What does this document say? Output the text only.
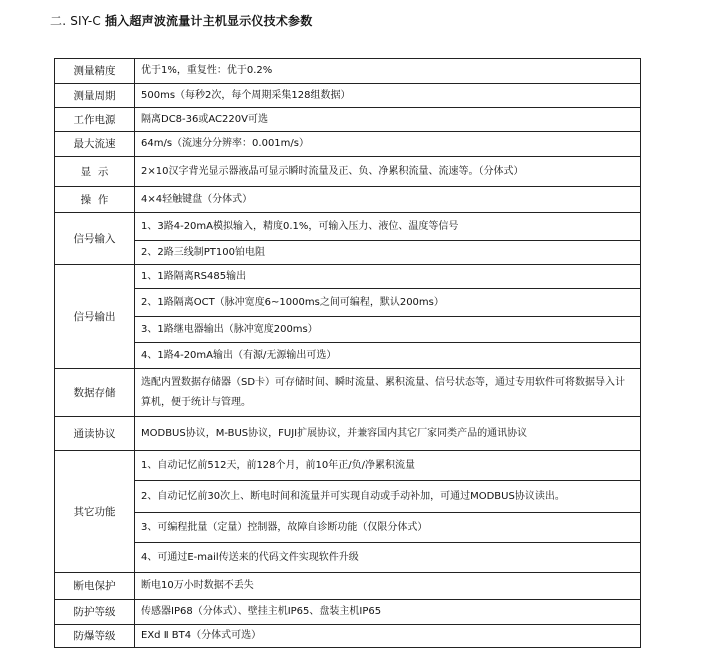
二. SIY-C 插入超声波流量计主机显示仪技术参数
测量精度	优于1%，重复性：优于0.2%
测量周期	500ms（每秒2次，每个周期采集128组数据）
工作电源	隔离DC8-36或AC220V可选
最大流速	64m/s（流速分分辨率：0.001m/s）
显  示	2×10汉字背光显示器液晶可显示瞬时流量及正、负、净累积流量、流速等。（分体式）
操  作	4×4轻触键盘（分体式）
信号输入	1、3路4-20mA模拟输入，精度0.1%，可输入压力、液位、温度等信号
	2、2路三线制PT100铂电阻
信号输出	1、1路隔离RS485输出
	2、1路隔离OCT（脉冲宽度6~1000ms之间可编程，默认200ms）
	3、1路继电器输出（脉冲宽度200ms）
	4、1路4-20mA输出（有源/无源输出可选）
数据存储	选配内置数据存储器（SD卡）可存储时间、瞬时流量、累积流量、信号状态等，通过专用软件可将数据导入计算机，便于统计与管理。
通读协议	MODBUS协议，M-BUS协议，FUJI扩展协议，并兼容国内其它厂家同类产品的通讯协议
其它功能	1、自动记忆前512天，前128个月，前10年正/负/净累积流量
	2、自动记忆前30次上、断电时间和流量并可实现自动或手动补加，可通过MODBUS协议读出。
	3、可编程批量（定量）控制器，故障自诊断功能（仅限分体式）
	4、可通过E-mail传送来的代码文件实现软件升级
断电保护	断电10万小时数据不丢失
防护等级	传感器IP68（分体式）、壁挂主机IP65、盘装主机IP65
防爆等级	EXd Ⅱ BT4（分体式可选）
